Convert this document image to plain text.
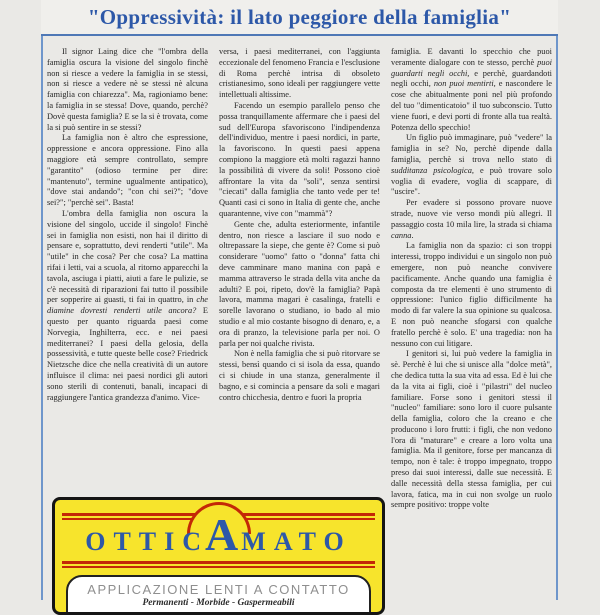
"Oppressività: il lato peggiore della famiglia"

Il signor Laing dice che "l'ombra della famiglia oscura la visione del singolo finchè non si riesce a vedere la famiglia in se stessi, non si riesce a vedere nè se stessi nè alcuna famiglia con chiarezza". Ma, ragioniamo bene: la famiglia in se stessa! Dove, quando, perchè? Dovè questa famiglia? E se la si è trovata, come la si può sentire in se stessi?

La famiglia non è altro che espressione, oppressione e ancora oppressione. Fino alla maggiore età sempre controllato, sempre "garantito" (odioso termine per dire: "mantenuto", termine ugualmente antipatico), "dove stai andando"; "con chi sei?"; "dove sei?"; "perchè sei". Basta!

L'ombra della famiglia non oscura la visione del singolo, uccide il singolo! Finchè sei in famiglia non esisti, non hai il diritto di pensare e, soprattutto, devi renderti "utile". Ma "utile" in che cosa? Per che cosa? La mattina rifai i letti, vai a scuola, al ritorno apparecchi la tavola, asciuga i piatti, aiuti a fare le pulizie, se c'è necessità di riparazioni fai tutto il possibile per sopperire ai guasti, ti fai in quattro, in che diamine dovresti renderti utile ancora? E questo per quanto riguarda paesi come Norvegia, Inghilterra, ecc. e nei paesi mediterranei? I paesi della gelosia, della possessività, e tutte queste belle cose? Friedrick Nietzsche dice che nella creatività di un autore influisce il clima: nei paesi nordici gli autori sono sterili di contenuti, banali, incapaci di raggiungere l'antica grandezza d'animo. Vice-

versa, i paesi mediterranei, con l'aggiunta eccezionale del fenomeno Francia e l'esclusione di Roma perchè intrisa di obsoleto cristianesimo, sono ideali per raggiungere vette intellettuali altissime.

Facendo un esempio parallelo penso che possa tranquillamente affermare che i paesi del sud dell'Europa sfavoriscono l'indipendenza dell'individuo, mentre i paesi nordici, in parte, la favoriscono. In questi paesi appena compiono la maggiore età molti ragazzi hanno la possibilità di vivere da soli! Possono cioè affrontare la vita da "soli", senza sentirsi "ciecati" dalla famiglia che tanto vede per te! Quanti casi ci sono in Italia di gente che, anche quarantenne, vive con "mammà"?

Gente che, adulta esteriormente, infantile dentro, non riesce a lasciare il suo nodo e oltrepassare la siepe, che gente è? Come si può considerare "uomo" fatto o "donna" fatta chi deve camminare mano manina con papà e mamma attraverso le strada della vita anche da adulti? E poi, ripeto, dov'è la famiglia? Papà lavora, mamma magari è casalinga, fratelli e sorelle lavorano o studiano, io bado al mio studio e al mio costante bisogno di denaro, e, a ora di pranzo, la televisione parla per noi. O parla per noi qualche rivista.

Non è nella famiglia che si può ritorvare se stessi, bensì quando ci si isola da essa, quando ci si chiude in una stanza, generalmente il bagno, e si comincia a pensare da soli e magari contro chicchesia, dentro e fuori la propria

famiglia. E davanti lo specchio che puoi veramente dialogare con te stesso, perchè puoi guardarti negli occhi, e perchè, guardandoti negli occhi, non puoi mentirti, e nascondere le cose che abitualmente poni nel più profondo del tuo "dimenticatoio" il tuo subconscio. Tutto viene fuori, e devi porti di fronte alla tua realtà. Potenza dello specchio!

Un figlio può immaginare, può "vedere" la famiglia in se? No, perchè dipende dalla famiglia, perchè si trova nello stato di sudditanza psicologica, e può trovare solo voglia di evadere, voglia di scappare, di "uscire".

Per evadere si possono provare nuove strade, nuove vie verso mondi più allegri. Il passaggio costa 10 mila lire, la strada si chiama canna.

La famiglia non da spazio: ci son troppi interessi, troppo individui e un singolo non può emergere, non può neanche convivere pacificamente. Anche quando una famiglia è composta da tre elementi è uno strumento di oppressione: l'unico figlio difficilmente ha modo di far valere la sua opinione su qualcosa. E non può neanche sfogarsi con qualche fratello perchè è solo. E' una tragedia: non ha nessuno con cui litigare.

I genitori si, lui può vedere la famiglia in sè. Perchè è lui che si unisce alla "dolce metà", che dedica tutta la sua vita ad essa. Ed è lui che da la vita ai figli, cioè i "pilastri" del nucleo familiare. Forse sono i genitori stessi il "nucleo" familiare: sono loro il cuore pulsante della famiglia, coloro che la creano e che producono i loro frutti: i figli, che non vedono l'ora di "maturare" e creare a loro volta una famiglia. Ma il genitore, forse per mancanza di tempo, non è tale: è troppo impegnato, troppo preso dai suoi interessi, dalle sue necessità. E dalle necessità della stessa famiglia, per cui lavora, fatica, ma in cui non svolge un ruolo sempre positivo: troppe volte

OTTIC
A MATO
APPLICAZIONE LENTI A CONTATTO
Permanenti - Morbide - Gaspermeabili
